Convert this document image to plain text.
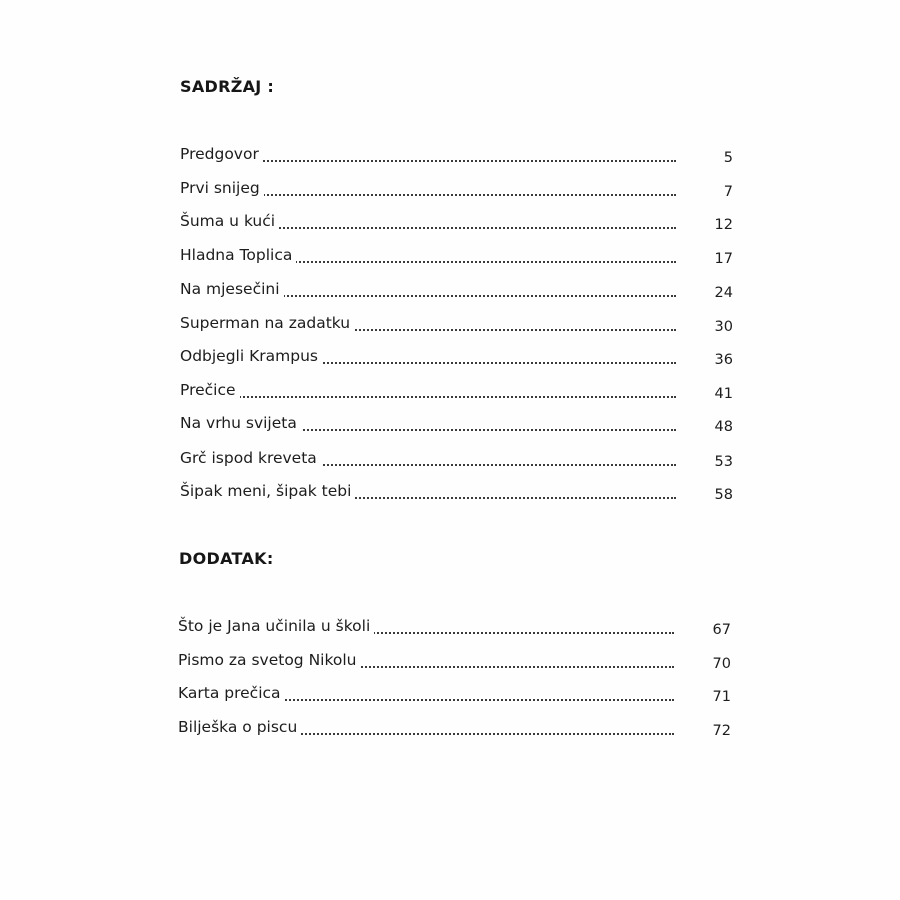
SADRŽAJ :
Predgovor	5
Prvi snijeg	7
Šuma u kući	12
Hladna Toplica	17
Na mjesečini	24
Superman na zadatku	30
Odbjegli Krampus	36
Prečice	41
Na vrhu svijeta	48
Grč ispod kreveta	53
Šipak meni, šipak tebi	58
DODATAK:
Što je Jana učinila u školi	67
Pismo za svetog Nikolu	70
Karta prečica	71
Bilješka o piscu	72
